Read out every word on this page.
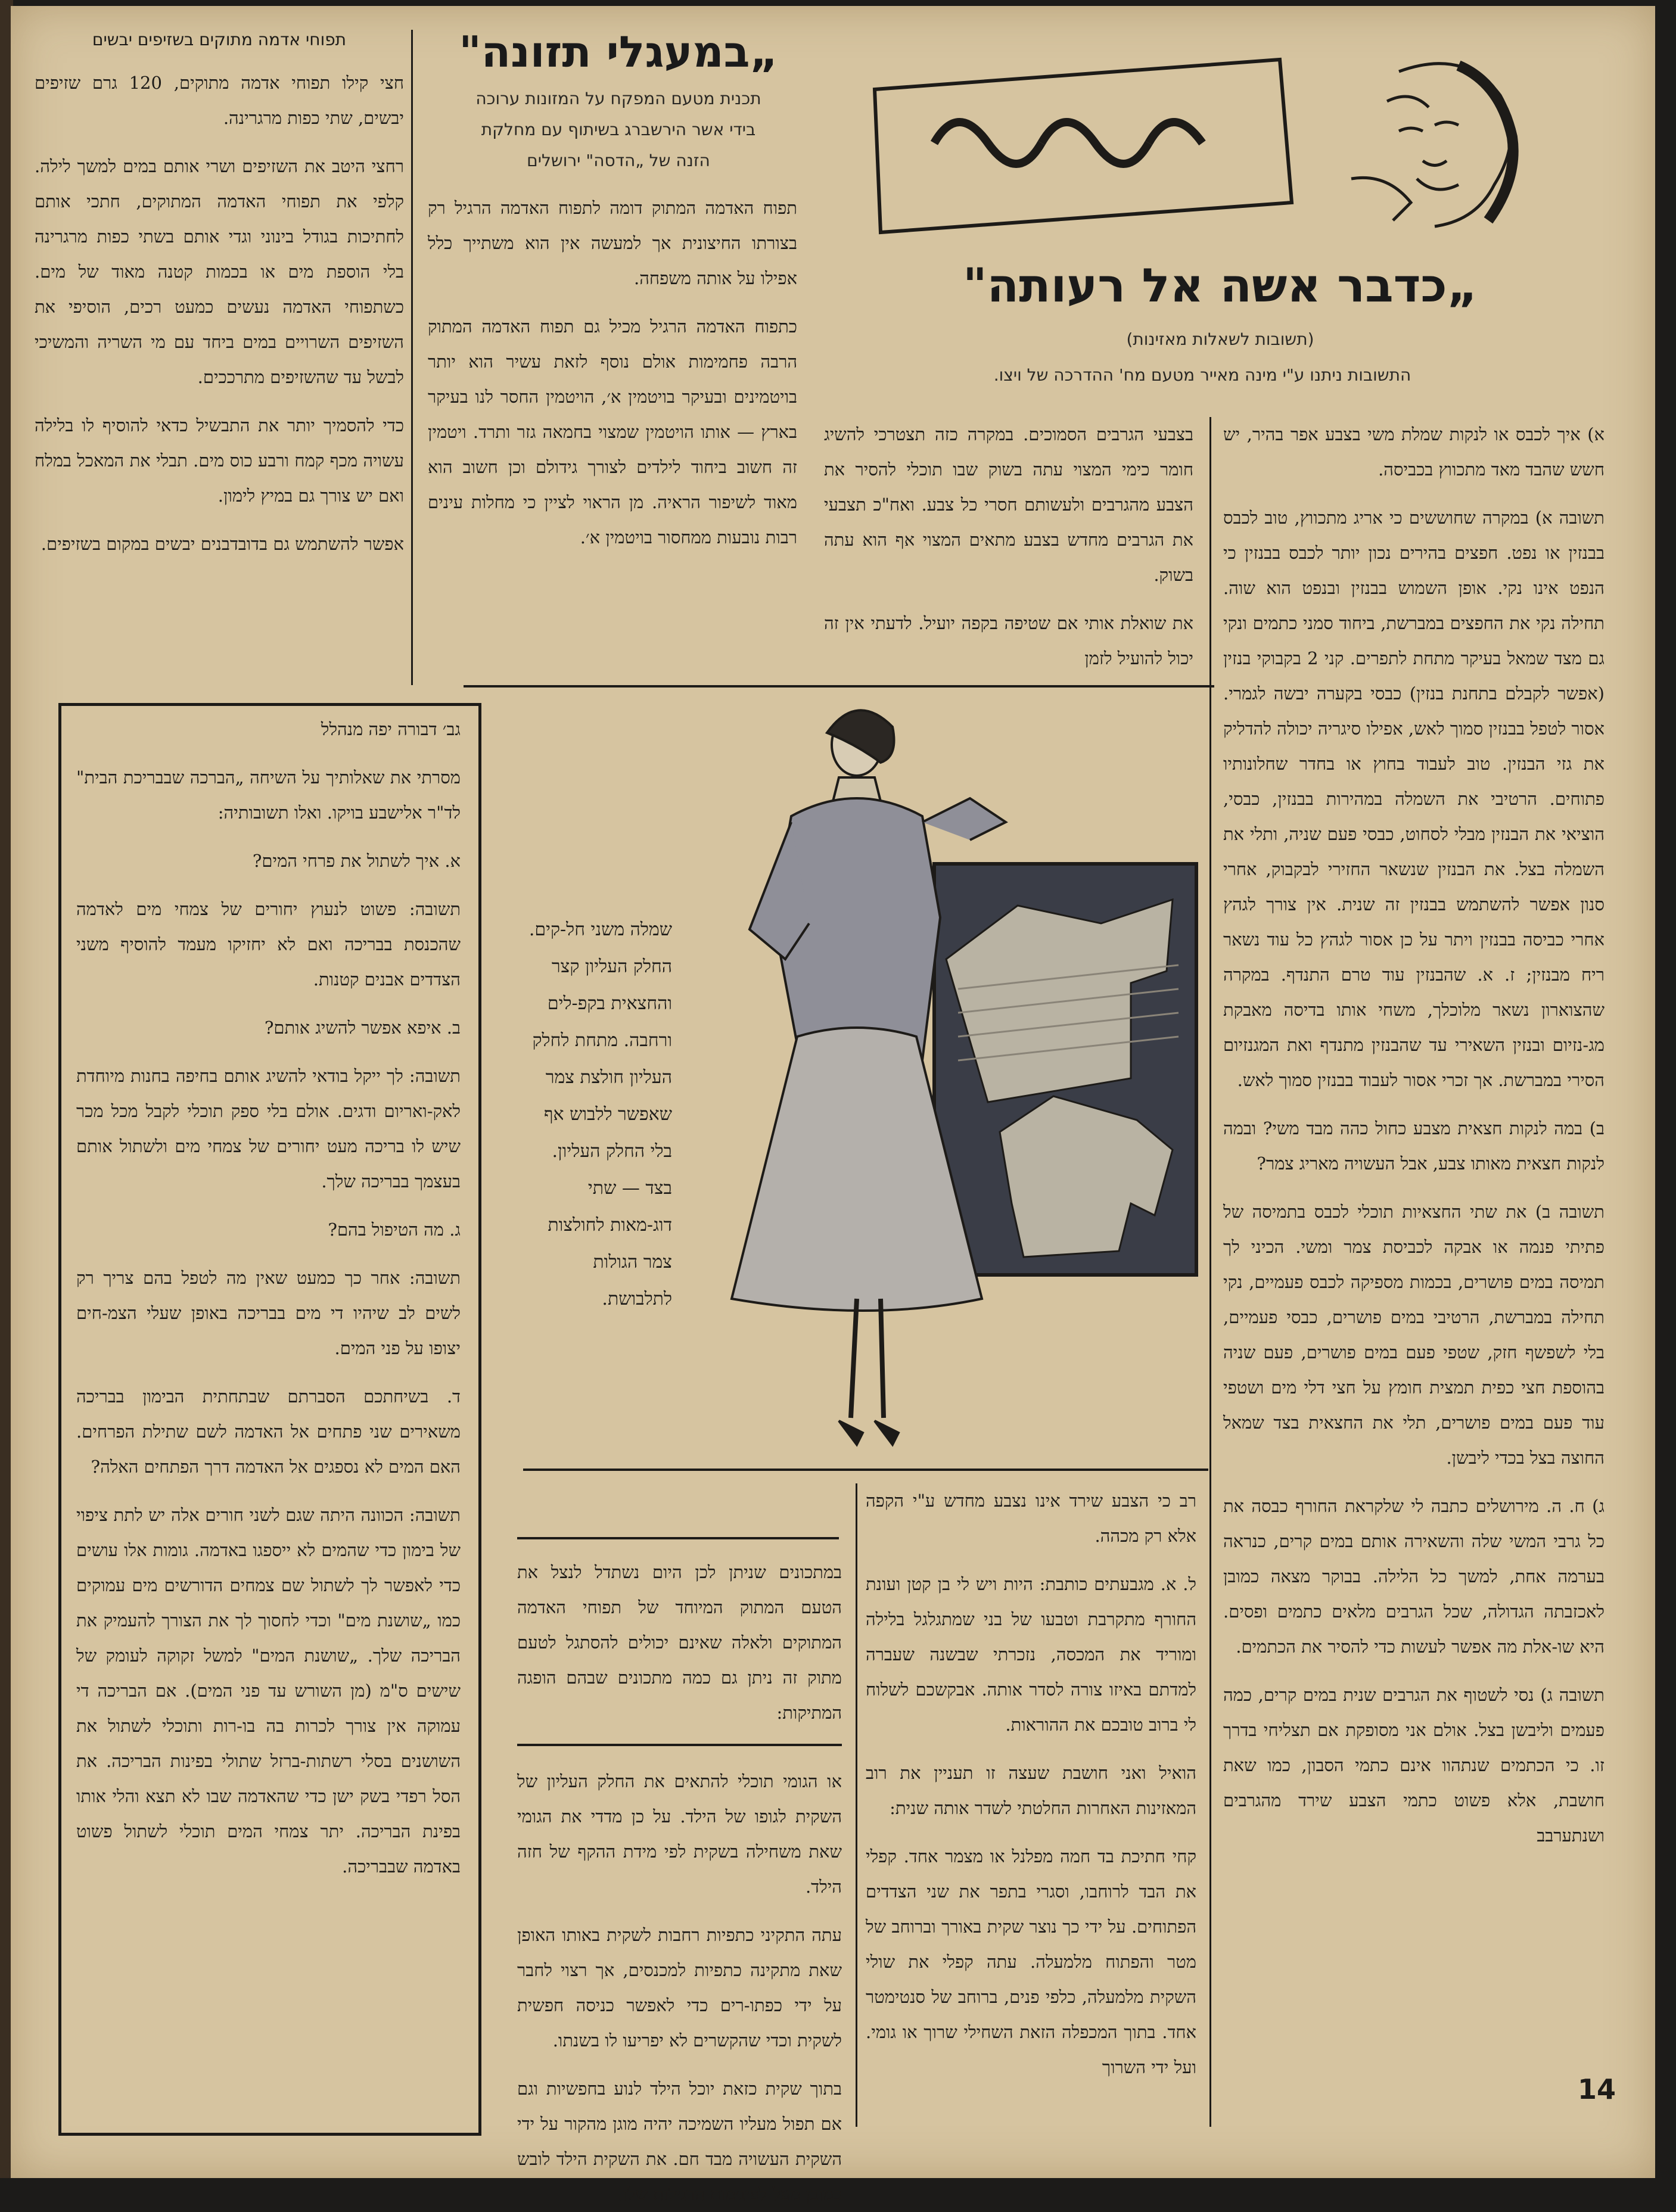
„כדבר אשה אל רעותה"
(תשובות לשאלות מאזינות)
התשובות ניתנו ע"י מינה מאייר מטעם מח' ההדרכה של ויצו.

א) איך לכבס או לנקות שמלת משי בצבע אפר בהיר, יש חשש שהבד מאד מתכווץ בכביסה.

תשובה א) במקרה שחוששים כי אריג מתכווץ, טוב לכבס בבנזין או נפט. חפצים בהירים נכון יותר לכבס בבנזין כי הנפט אינו נקי. אופן השמוש בבנזין ובנפט הוא שוה. תחילה נקי את החפצים במברשת, ביחוד סמני כתמים ונקי גם מצד שמאל בעיקר מתחת לתפרים. קני 2 בקבוקי בנזין (אפשר לקבלם בתחנת בנזין) כבסי בקערה יבשה לגמרי. אסור לטפל בבנזין סמוך לאש, אפילו סיגריה יכולה להדליק את גזי הבנזין. טוב לעבוד בחוץ או בחדר שחלונותיו פתוחים. הרטיבי את השמלה במהירות בבנזין, כבסי, הוציאי את הבנזין מבלי לסחוט, כבסי פעם שניה, ותלי את השמלה בצל. את הבנזין שנשאר החזירי לבקבוק, אחרי סנון אפשר להשתמש בבנזין זה שנית. אין צורך לגהץ אחרי כביסה בבנזין ויתר על כן אסור לגהץ כל עוד נשאר ריח מבנזין; ז. א. שהבנזין עוד טרם התנדף. במקרה שהצוארון נשאר מלוכלך, משחי אותו בדיסה מאבקת מג-נזיום ובנזין השאירי עד שהבנזין מתנדף ואת המגנזיום הסירי במברשת. אך זכרי אסור לעבוד בבנזין סמוך לאש.

ב) במה לנקות חצאית מצבע כחול כהה מבד משי? ובמה לנקות חצאית מאותו צבע, אבל העשויה מאריג צמר?

תשובה ב) את שתי החצאיות תוכלי לכבס בתמיסה של פתיתי פנמה או אבקה לכביסת צמר ומשי. הכיני לך תמיסה במים פושרים, בכמות מספיקה לכבס פעמיים, נקי תחילה במברשת, הרטיבי במים פושרים, כבסי פעמיים, בלי לשפשף חזק, שטפי פעם במים פושרים, פעם שניה בהוספת חצי כפית תמצית חומץ על חצי דלי מים ושטפי עוד פעם במים פושרים, תלי את החצאית בצד שמאל החוצה בצל בכדי ליבשן.

ג) ח. ה. מירושלים כתבה לי שלקראת החורף כבסה את כל גרבי המשי שלה והשאירה אותם במים קרים, כנראה בערמה אחת, למשך כל הלילה. בבוקר מצאה כמובן לאכזבתה הגדולה, שכל הגרבים מלאים כתמים ופסים. היא שו-אלת מה אפשר לעשות כדי להסיר את הכתמים.

תשובה ג) נסי לשטוף את הגרבים שנית במים קרים, כמה פעמים וליבשן בצל. אולם אני מסופקת אם תצליחי בדרך זו. כי הכתמים שנתהוו אינם כתמי הסבון, כמו שאת חושבת, אלא פשוט כתמי הצבע שירד מהגרבים ושנתערבב

בצבעי הגרבים הסמוכים. במקרה כזה תצטרכי להשיג חומר כימי המצוי עתה בשוק שבו תוכלי להסיר את הצבע מהגרבים ולעשותם חסרי כל צבע. ואח"כ תצבעי את הגרבים מחדש בצבע מתאים המצוי אף הוא עתה בשוק.

את שואלת אותי אם שטיפה בקפה יועיל. לדעתי אין זה יכול להועיל לזמן

„במעגלי תזונה"
תכנית מטעם המפקח על המזונות ערוכה
בידי אשר הירשברג בשיתוף עם מחלקת
הזנה של „הדסה" ירושלים

תפוח האדמה המתוק דומה לתפוח האדמה הרגיל רק בצורתו החיצונית אך למעשה אין הוא משתייך כלל אפילו על אותה משפחה.

כתפוח האדמה הרגיל מכיל גם תפוח האדמה המתוק הרבה פחמימות אולם נוסף לזאת עשיר הוא יותר בויטמינים ובעיקר בויטמין א׳, הויטמין החסר לנו בעיקר בארץ — אותו הויטמין שמצוי בחמאה גזר ותרד. ויטמין זה חשוב ביחוד לילדים לצורך גידולם וכן חשוב הוא מאוד לשיפור הראיה. מן הראוי לציין כי מחלות עינים רבות נובעות ממחסור בויטמין א׳.

תפוחי אדמה מתוקים בשזיפים יבשים

חצי קילו תפוחי אדמה מתוקים, 120 גרם שזיפים יבשים, שתי כפות מרגרינה.

רחצי היטב את השזיפים ושרי אותם במים למשך לילה. קלפי את תפוחי האדמה המתוקים, חתכי אותם לחתיכות בגודל בינוני וגדי אותם בשתי כפות מרגרינה בלי הוספת מים או בכמות קטנה מאוד של מים. כשתפוחי האדמה נעשים כמעט רכים, הוסיפי את השזיפים השרויים במים ביחד עם מי השריה והמשיכי לבשל עד שהשזיפים מתרככים.

כדי להסמיך יותר את התבשיל כדאי להוסיף לו בלילה עשויה מכף קמח ורבע כוס מים. תבלי את המאכל במלח ואם יש צורך גם במיץ לימון.

אפשר להשתמש גם בדובדבנים יבשים במקום בשזיפים.

שמלה משני חל-קים. החלק העליון קצר והחצאית בקפ-לים ורחבה. מתחת לחלק העליון חולצת צמר שאפשר ללבוש אף בלי החלק העליון. בצד — שתי דוג-מאות לחולצות צמר הגולות לתלבושת.

רב כי הצבע שירד אינו נצבע מחדש ע"י הקפה אלא רק מכהה.

ל. א. מגבעתים כותבת: היות ויש לי בן קטן ועונת החורף מתקרבת וטבעו של בני שמתגלגל בלילה ומוריד את המכסה, נזכרתי שבשנה שעברה למדתם באיזו צורה לסדר אותה. אבקשכם לשלוח לי ברוב טובכם את ההוראות.

הואיל ואני חושבת שעצה זו תעניין את רוב המאזינות האחרות החלטתי לשדר אותה שנית:

קחי חתיכת בד חמה מפלנל או מצמר אחד. קפלי את הבד לרוחבו, וסגרי בתפר את שני הצדדים הפתוחים. על ידי כך נוצר שקית באורך וברוחב של מטר והפתוח מלמעלה. עתה קפלי את שולי השקית מלמעלה, כלפי פנים, ברוחב של סנטימטר אחד. בתוך המכפלה הזאת השחילי שרוך או גומי. ועל ידי השרוך

במתכונים שניתן לכן היום נשתדל לנצל את הטעם המתוק המיוחד של תפוחי האדמה המתוקים ולאלה שאינם יכולים להסתגל לטעם מתוק זה ניתן גם כמה מתכונים שבהם הופגה המתיקות:

או הגומי תוכלי להתאים את החלק העליון של השקית לגופו של הילד. על כן מדדי את הגומי שאת משחילה בשקית לפי מידת ההקף של חזה הילד.

עתה התקיני כתפיות רחבות לשקית באותו האופן שאת מתקינה כתפיות למכנסים, אך רצוי לחבר על ידי כפתו-רים כדי לאפשר כניסה חפשית לשקית וכדי שהקשרים לא יפריעו לו בשנתו.

בתוך שקית כזאת יוכל הילד לנוע בחפשיות וגם אם תפול מעליו השמיכה יהיה מוגן מהקור על ידי השקית העשויה מבד חם. את השקית הילד לובש כמובן מעל לפיג׳מות הרגילות שלו.

גב׳ דבורה יפה מנהלל

מסרתי את שאלותיך על השיחה „הברכה שבבריכת הבית" לד"ר אלישבע בויקו. ואלו תשובותיה:

א. איך לשתול את פרחי המים?

תשובה: פשוט לנעוץ יחורים של צמחי מים לאדמה שהכנסת בבריכה ואם לא יחזיקו מעמד להוסיף משני הצדדים אבנים קטנות.

ב. איפא אפשר להשיג אותם?

תשובה: לך ייקל בודאי להשיג אותם בחיפה בחנות מיוחדת לאק-ואריום ודגים. אולם בלי ספק תוכלי לקבל מכל מכר שיש לו בריכה מעט יחורים של צמחי מים ולשתול אותם בעצמך בבריכה שלך.

ג. מה הטיפול בהם?

תשובה: אחר כך כמעט שאין מה לטפל בהם צריך רק לשים לב שיהיו די מים בבריכה באופן שעלי הצמ-חים יצופו על פני המים.

ד. בשיחתכם הסברתם שבתחתית הבימון בבריכה משאירים שני פתחים אל האדמה לשם שתילת הפרחים. האם המים לא נספגים אל האדמה דרך הפתחים האלה?

תשובה: הכוונה היתה שגם לשני חורים אלה יש לתת ציפוי של בימון כדי שהמים לא ייספגו באדמה. גומות אלו עושים כדי לאפשר לך לשתול שם צמחים הדורשים מים עמוקים כמו „שושנת מים" וכדי לחסוך לך את הצורך להעמיק את הבריכה שלך. „שושנת המים" למשל זקוקה לעומק של שישים ס"מ (מן השורש עד פני המים). אם הבריכה די עמוקה אין צורך לכרות בה בו-רות ותוכלי לשתול את השושנים בסלי רשתות-ברזל שתולי בפינות הבריכה. את הסל רפדי בשק ישן כדי שהאדמה שבו לא תצא והלי אותו בפינת הבריכה. יתר צמחי המים תוכלי לשתול פשוט באדמה שבבריכה.

14
